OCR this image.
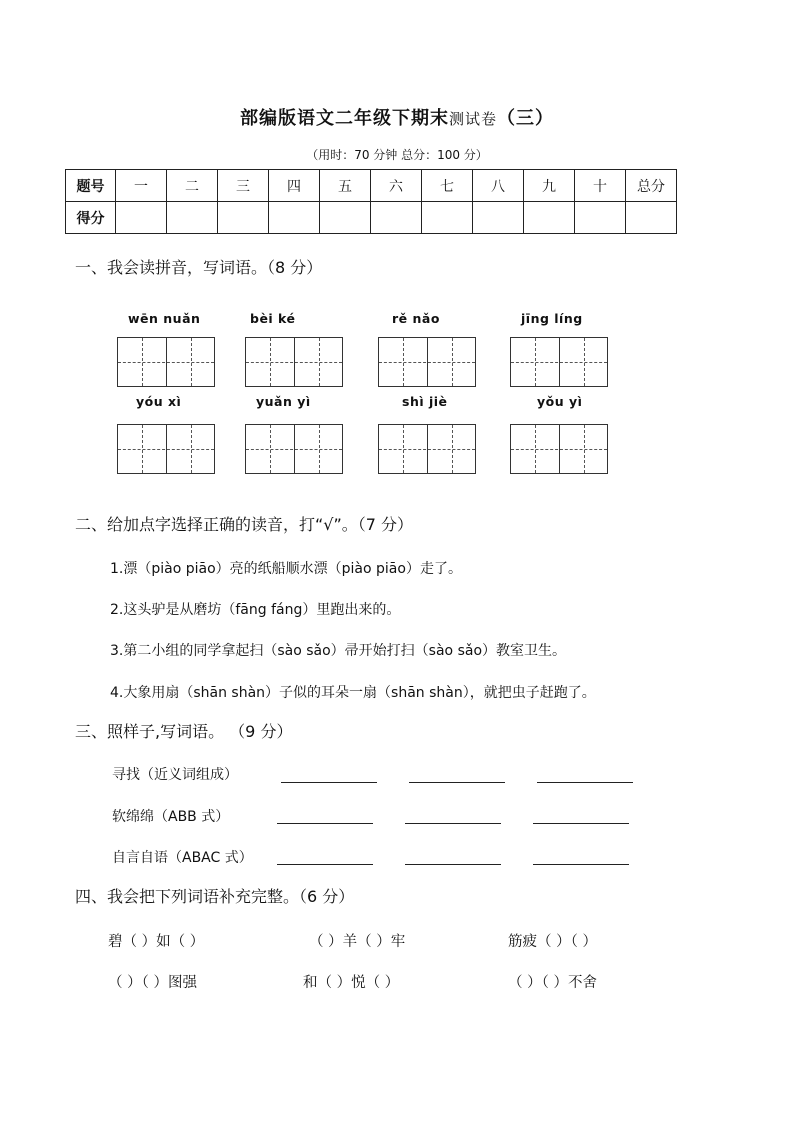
部编版语文二年级下期末测试卷（三）
（用时：70 分钟 总分：100 分）
题号	一	二	三	四	五	六	七	八	九	十	总分
得分											
一、我会读拼音，写词语。（8 分）
wēn nuǎn	bèi ké	rě nǎo	jīng líng
yóu xì	yuǎn yì	shì jiè	yǒu yì
二、给加点字选择正确的读音，打“√”。（7 分）
1.漂（piào piāo）亮的纸船顺水漂（piào piāo）走了。
2.这头驴是从磨坊（fāng fáng）里跑出来的。
3.第二小组的同学拿起扫（sào sǎo）帚开始打扫（sào sǎo）教室卫生。
4.大象用扇（shān shàn）子似的耳朵一扇（shān shàn），就把虫子赶跑了。
三、照样子,写词语。 （9 分）
寻找（近义词组成）
软绵绵（ABB 式）
自言自语（ABAC 式）
四、我会把下列词语补充完整。（6 分）
碧（ ）如（ ）	（ ）羊（ ）牢	筋疲（ ）（ ）
（ ）（ ）图强	和（ ）悦（ ）	（ ）（ ）不舍
